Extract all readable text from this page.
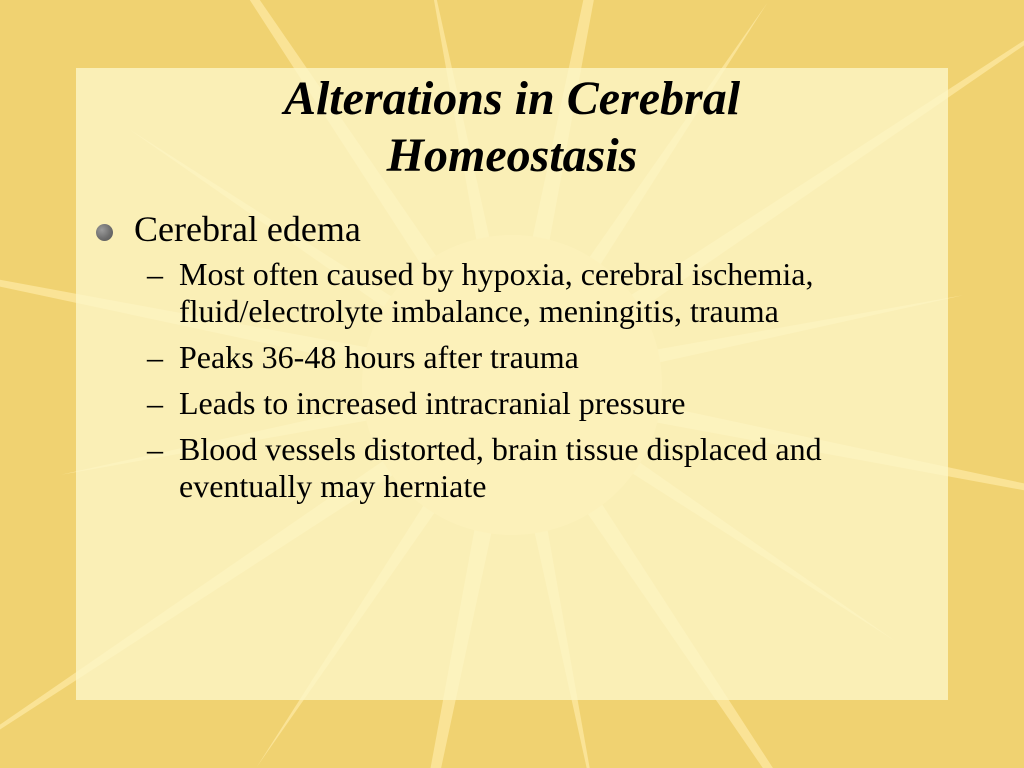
Alterations in Cerebral
Homeostasis
Cerebral edema
– Most often caused by hypoxia, cerebral ischemia, fluid/electrolyte imbalance, meningitis, trauma
– Peaks 36-48 hours after trauma
– Leads to increased intracranial pressure
– Blood vessels distorted, brain tissue displaced and eventually may herniate
